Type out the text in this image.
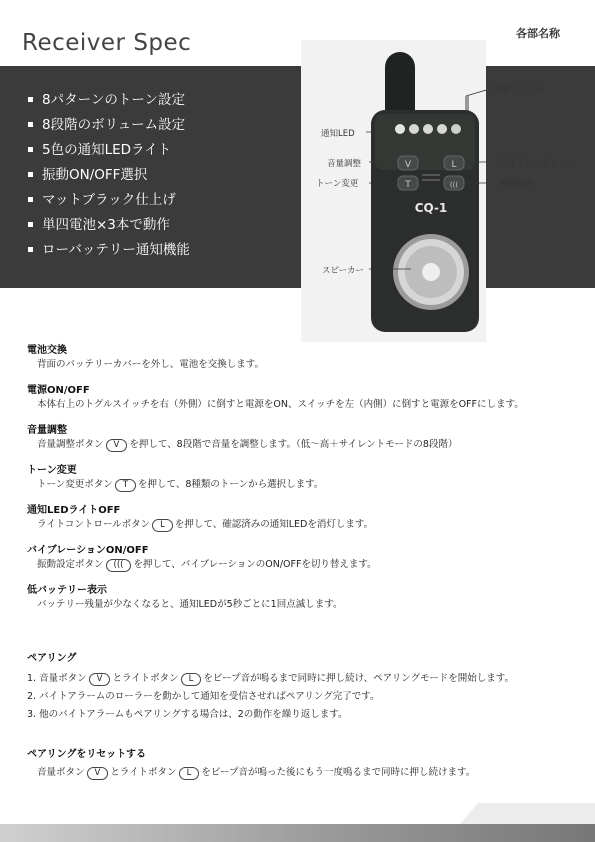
Receiver Spec
8パターンのトーン設定
8段階のボリューム設定
5色の通知LEDライト
振動ON/OFF選択
マットブラック仕上げ
単四電池×3本で動作
ローバッテリー通知機能
各部名称
V
T
L
(((
CQ-1
電源スイッチ
通知LED
音量調整
トーン変更
ライトコントロール
振動設定
スピーカー

電池交換

背面のバッテリーカバーを外し、電池を交換します。

電源ON/OFF

本体右上のトグルスイッチを右（外側）に倒すと電源をON、スイッチを左（内側）に倒すと電源をOFFにします。

音量調整

音量調整ボタン V を押して、8段階で音量を調整します。（低〜高＋サイレントモードの8段階）

トーン変更

トーン変更ボタン T を押して、8種類のトーンから選択します。

通知LEDライトOFF

ライトコントロールボタン L を押して、確認済みの通知LEDを消灯します。

バイブレーションON/OFF

振動設定ボタン ((( を押して、バイブレーションのON/OFFを切り替えます。

低バッテリー表示

バッテリー残量が少なくなると、通知LEDが5秒ごとに1回点滅します。

ペアリング

1. 音量ボタン V とライトボタン L をビープ音が鳴るまで同時に押し続け、ペアリングモードを開始します。
2. バイトアラームのローラーを動かして通知を受信させればペアリング完了です。
3. 他のバイトアラームもペアリングする場合は、2の動作を繰り返します。

ペアリングをリセットする

音量ボタン V とライトボタン L をビープ音が鳴った後にもう一度鳴るまで同時に押し続けます。
